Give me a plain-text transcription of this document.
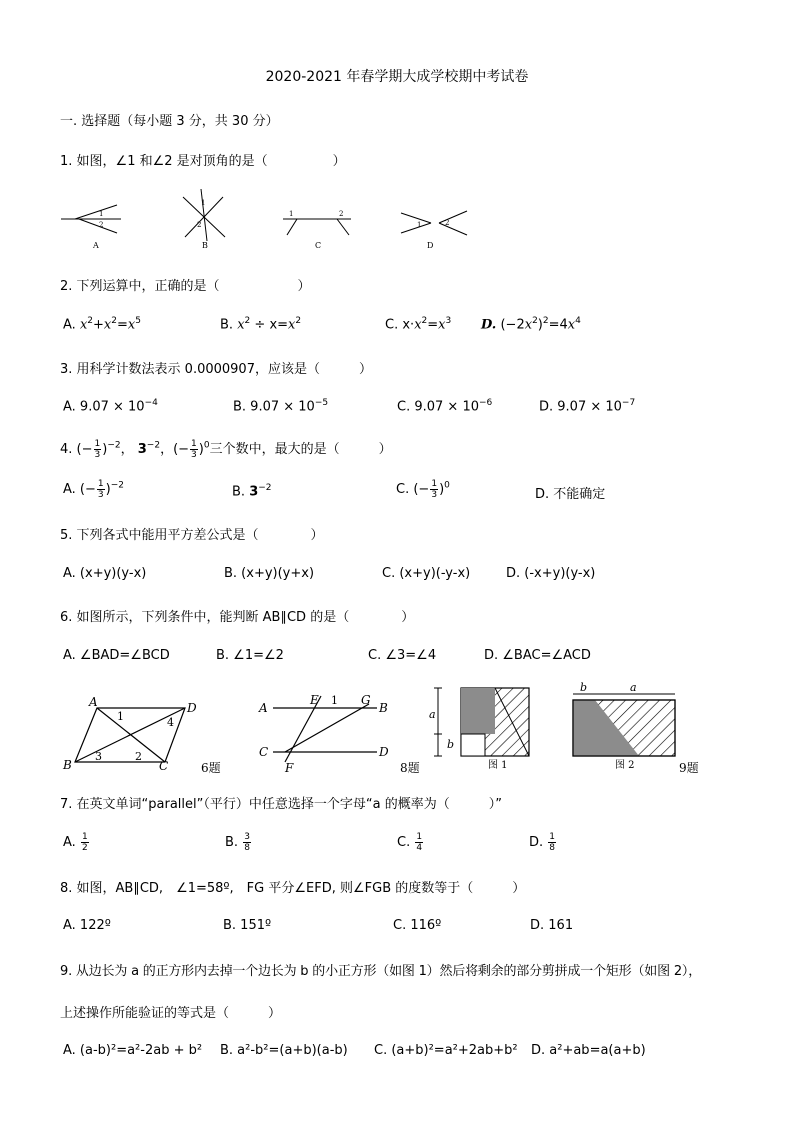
2020-2021 年春学期大成学校期中考试卷
一. 选择题（每小题 3 分，共 30 分）
1. 如图，∠1 和∠2 是对顶角的是（　　　　　）
1
2
A
1
2
B
1	2
C
1	2
D
2. 下列运算中，正确的是（　　　　　　）
A. $x^2+x^2=x^5$	B. $x^2 \div x=x^2$	C. $x\cdot x^2=x^3$ D. $(-2x^2)^2=4x^4$
3. 用科学计数法表示 0.0000907，应该是（　　　）
A. $9.07 \times 10^{-4}$	B. $9.07 \times 10^{-5}$	C. $9.07 \times 10^{-6}$	D. $9.07 \times 10^{-7}$
4. (− $\frac{1}{3} )^{-2}$， $3^{-2}$，(− $\frac{1}{3} )^0$三个数中，最大的是（　　　）
A. (− $\frac{1}{3} )^{-2}$	B. $3^{-2}$	C. (− $\frac{1}{3} )^0$
D. 不能确定
5. 下列各式中能用平方差公式是（　　　　）
A. (x+y)(y-x)	B. (x+y)(y+x)	C. (x+y)(-y-x)	D. (-x+y)(y-x)
6. 如图所示，下列条件中，能判断 AB∥CD 的是（　　　　）
A. ∠BAD=∠BCD	B. ∠1=∠2	C. ∠3=∠4	D. ∠BAC=∠ACD
A	D
B	C
1
2
3
4
6题
A	B
C	D
E
F
G
1
8题
a
b
图 1
b	a
图 2	9题
7. 在英文单词“parallel”（平行）中任意选择一个字母“a 的概率为（　　　）”
A. $\frac{1}{2}$	B. $\frac{3}{8}$	C. $\frac{1}{4}$	D. $\frac{1}{8}$
8. 如图，AB∥CD,　∠1=58º,　FG 平分∠EFD, 则∠FGB 的度数等于（　　　）
A. 122º	B. 151º	C. 116º	D. 161
9. 从边长为 a 的正方形内去掉一个边长为 b 的小正方形（如图 1）然后将剩余的部分剪拼成一个矩形（如图 2），
上述操作所能验证的等式是（　　　）
A. (a-b)²=a²-2ab + b² B. a²-b²=(a+b)(a-b) C. (a+b)²=a²+2ab+b² D. a²+ab=a(a+b)
